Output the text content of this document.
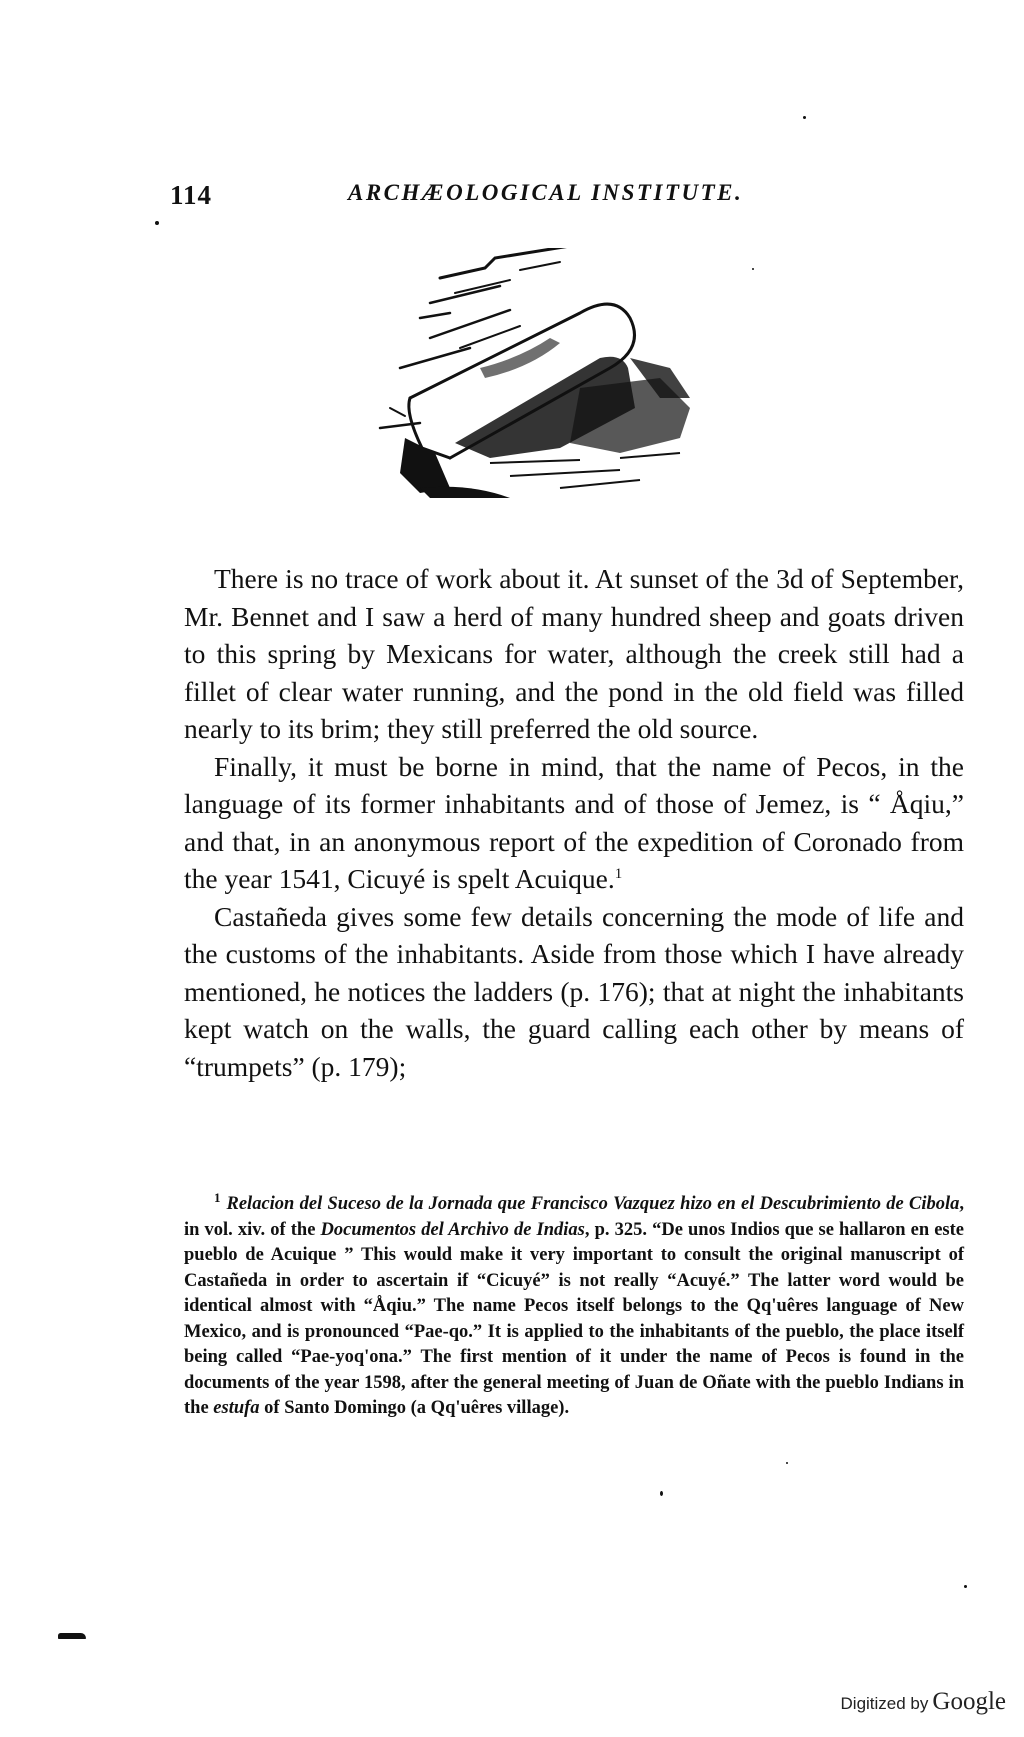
114	ARCHÆOLOGICAL INSTITUTE.

There is no trace of work about it. At sunset of the 3d of September, Mr. Bennet and I saw a herd of many hundred sheep and goats driven to this spring by Mexicans for water, although the creek still had a fillet of clear water running, and the pond in the old field was filled nearly to its brim; they still preferred the old source.

Finally, it must be borne in mind, that the name of Pecos, in the language of its former inhabitants and of those of Jemez, is “ Åqiu,” and that, in an anonymous report of the expedition of Coronado from the year 1541, Cicuyé is spelt Acuique.$^1$

Castañeda gives some few details concerning the mode of life and the customs of the inhabitants. Aside from those which I have already mentioned, he notices the ladders (p. 176); that at night the inhabitants kept watch on the walls, the guard calling each other by means of “trumpets” (p. 179);

$^1$ Relacion del Suceso de la Jornada que Francisco Vazquez hizo en el Descubrimiento de Cibola, in vol. xiv. of the Documentos del Archivo de Indias, p. 325. “De unos Indios que se hallaron en este pueblo de Acuique ” This would make it very important to consult the original manuscript of Castañeda in order to ascertain if “Cicuyé” is not really “Acuyé.” The latter word would be identical almost with “Åqiu.” The name Pecos itself belongs to the Qq'uêres language of New Mexico, and is pronounced “Pae-qo.” It is applied to the inhabitants of the pueblo, the place itself being called “Pae-yoq'ona.” The first mention of it under the name of Pecos is found in the documents of the year 1598, after the general meeting of Juan de Oñate with the pueblo Indians in the estufa of Santo Domingo (a Qq'uêres village).
Digitized by Google
